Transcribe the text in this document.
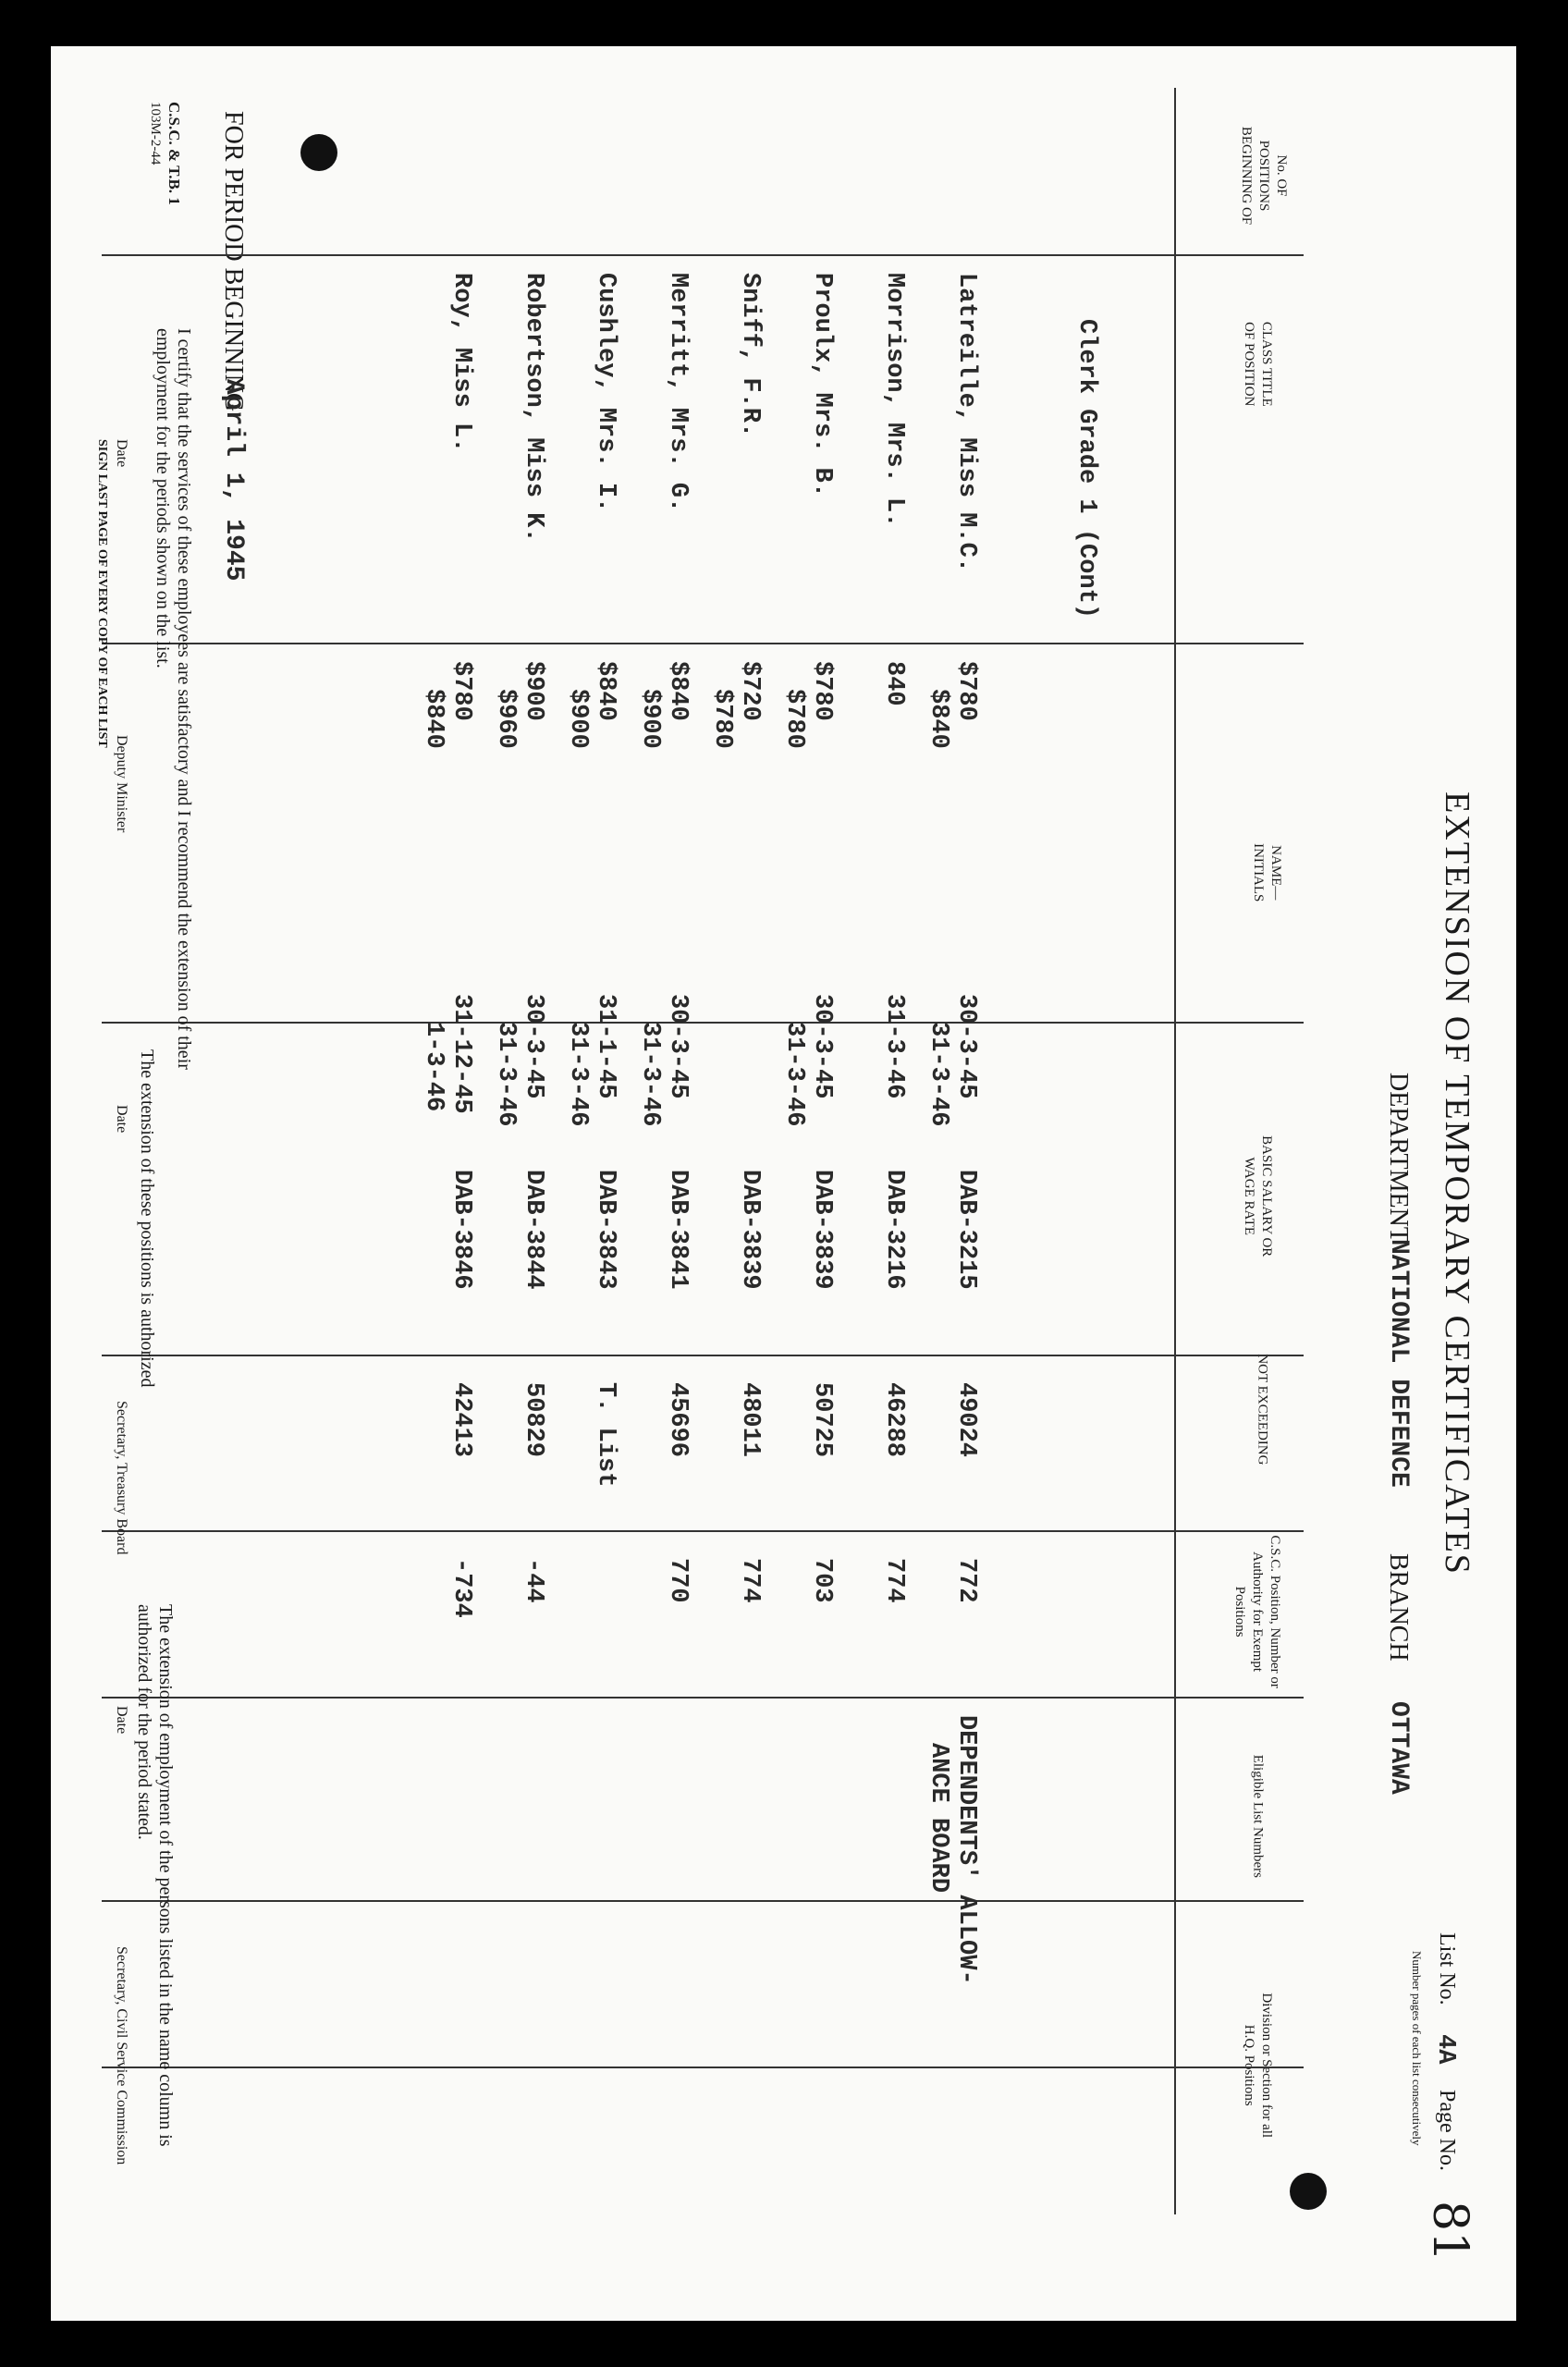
C.S.C. & T.B. 1
103M-2-44
EXTENSION OF TEMPORARY CERTIFICATES
FOR PERIOD BEGINNING
April 1, 1945
DEPARTMENT
NATIONAL DEFENCE
BRANCH
OTTAWA
List No.
4A
Page No.
81
Number pages of each list consecutively
No. OF POSITIONS BEGINNING OF
CLASS TITLE OF POSITION
NAME—INITIALS
BASIC SALARY OR WAGE RATE
NOT EXCEEDING
C.S.C. Position, Number or Authority for Exempt Positions
Eligible List Numbers
Division or Section for all H.Q. Positions
Clerk Grade 1 (Cont)
Latreille, Miss M.C.
$780
$840
30-3-45
31-3-46
DAB-3215
49024
772
DEPENDENTS' ALLOW-
ANCE BOARD
Morrison, Mrs. L.
840
31-3-46
DAB-3216
46288
774
Proulx, Mrs. B.
$780
$780
30-3-45
31-3-46
DAB-3839
50725
703
Sniff, F.R.
$720
$780
DAB-3839
48011
774
Merritt, Mrs. G.
$840
$900
30-3-45
31-3-46
DAB-3841
45696
770
Cushley, Mrs. I.
$840
$900
31-1-45
31-3-46
DAB-3843
T. List
Robertson, Miss K.
$900
$960
30-3-45
31-3-46
DAB-3844
50829
-44
Roy, Miss L.
$780
$840
31-12-45
1-3-46
DAB-3846
42413
-734
I certify that the services of these employees are satisfactory and I recommend the extension of their employment for the periods shown on the list.
Date
Deputy Minister
The extension of these positions is authorized
Date
Secretary, Treasury Board
The extension of employment of the persons listed in the name column is authorized for the period stated.
Date
Secretary, Civil Service Commission
SIGN LAST PAGE OF EVERY COPY OF EACH LIST
